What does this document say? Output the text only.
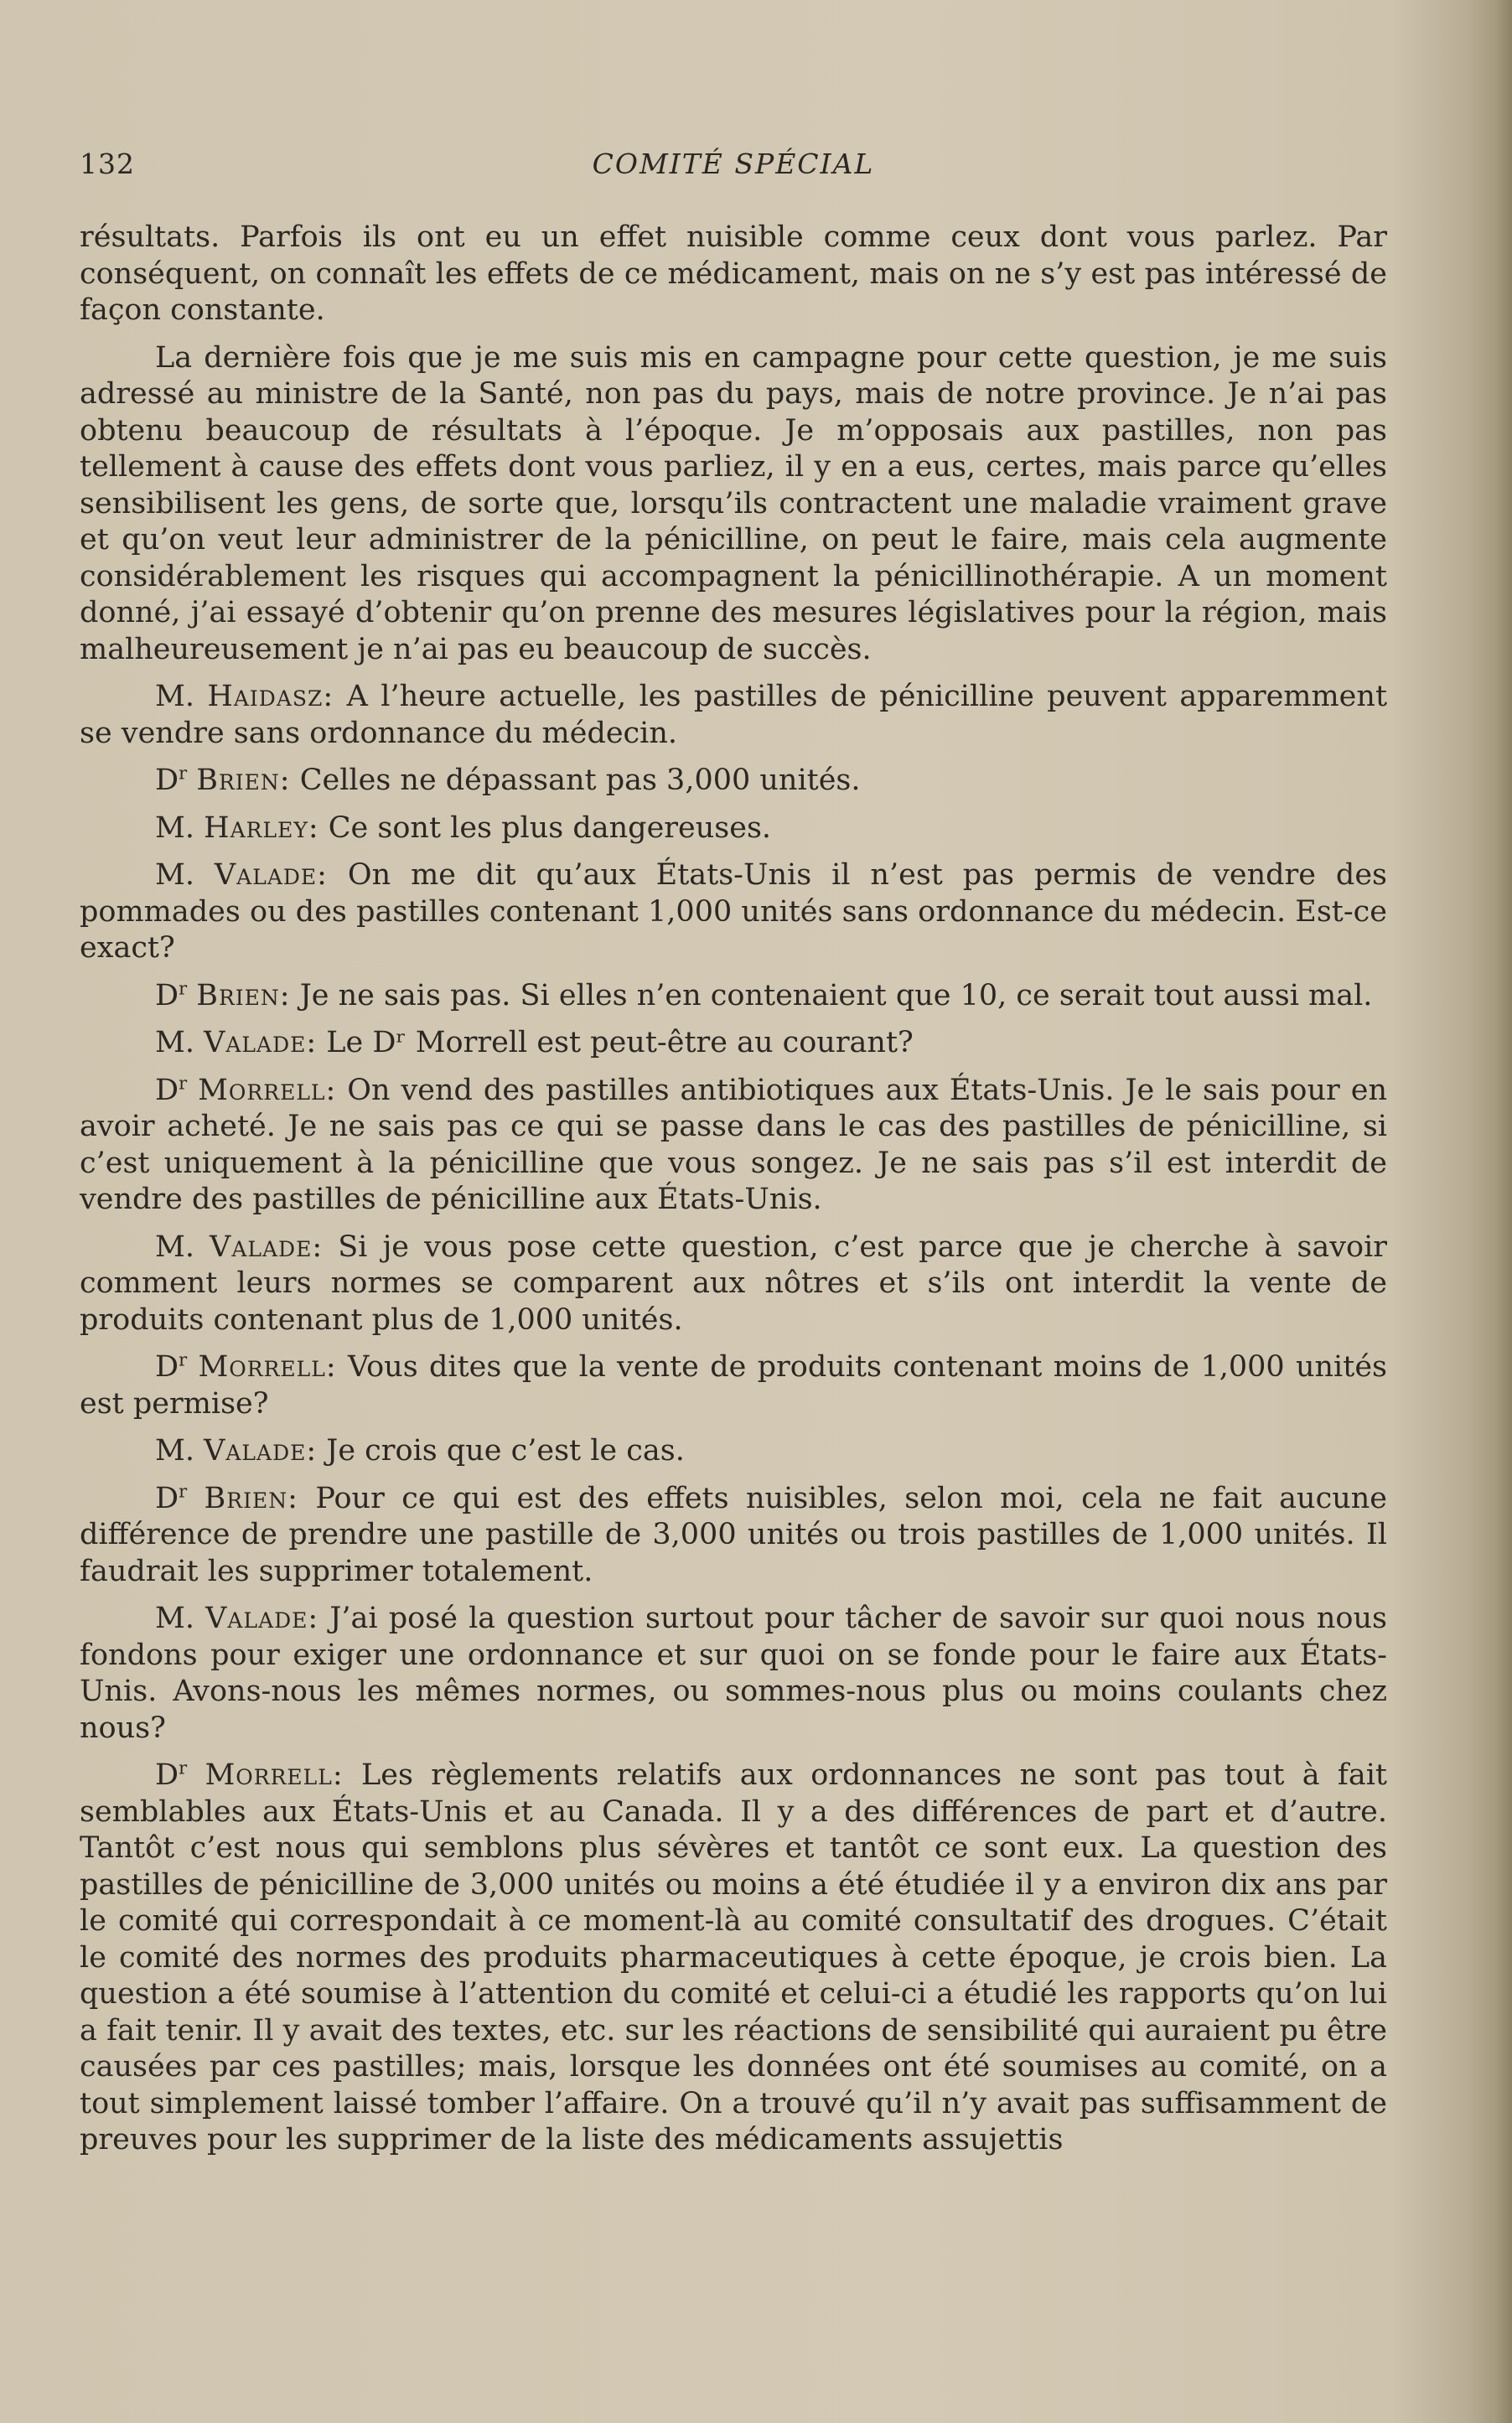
132	COMITÉ SPÉCIAL

résultats. Parfois ils ont eu un effet nuisible comme ceux dont vous parlez. Par conséquent, on connaît les effets de ce médicament, mais on ne s’y est pas intéressé de façon constante.

La dernière fois que je me suis mis en campagne pour cette question, je me suis adressé au ministre de la Santé, non pas du pays, mais de notre province. Je n’ai pas obtenu beaucoup de résultats à l’époque. Je m’opposais aux pastilles, non pas tellement à cause des effets dont vous parliez, il y en a eus, certes, mais parce qu’elles sensibilisent les gens, de sorte que, lorsqu’ils contractent une maladie vraiment grave et qu’on veut leur administrer de la pénicilline, on peut le faire, mais cela augmente considérablement les risques qui accompagnent la pénicillinothérapie. A un moment donné, j’ai essayé d’obtenir qu’on prenne des mesures législatives pour la région, mais malheureusement je n’ai pas eu beaucoup de succès.

M. Haidasz: A l’heure actuelle, les pastilles de pénicilline peuvent apparemment se vendre sans ordonnance du médecin.

$D^r$ Brien: Celles ne dépassant pas 3,000 unités.

M. Harley: Ce sont les plus dangereuses.

M. Valade: On me dit qu’aux États-Unis il n’est pas permis de vendre des pommades ou des pastilles contenant 1,000 unités sans ordonnance du médecin. Est-ce exact?

$D^r$ Brien: Je ne sais pas. Si elles n’en contenaient que 10, ce serait tout aussi mal.

M. Valade: Le Dʳ Morrell est peut-être au courant?

$D^r$ Morrell: On vend des pastilles antibiotiques aux États-Unis. Je le sais pour en avoir acheté. Je ne sais pas ce qui se passe dans le cas des pastilles de pénicilline, si c’est uniquement à la pénicilline que vous songez. Je ne sais pas s’il est interdit de vendre des pastilles de pénicilline aux États-Unis.

M. Valade: Si je vous pose cette question, c’est parce que je cherche à savoir comment leurs normes se comparent aux nôtres et s’ils ont interdit la vente de produits contenant plus de 1,000 unités.

$D^r$ Morrell: Vous dites que la vente de produits contenant moins de 1,000 unités est permise?

M. Valade: Je crois que c’est le cas.

$D^r$ Brien: Pour ce qui est des effets nuisibles, selon moi, cela ne fait aucune différence de prendre une pastille de 3,000 unités ou trois pastilles de 1,000 unités. Il faudrait les supprimer totalement.

M. Valade: J’ai posé la question surtout pour tâcher de savoir sur quoi nous nous fondons pour exiger une ordonnance et sur quoi on se fonde pour le faire aux États-Unis. Avons-nous les mêmes normes, ou sommes-nous plus ou moins coulants chez nous?

$D^r$ Morrell: Les règlements relatifs aux ordonnances ne sont pas tout à fait semblables aux États-Unis et au Canada. Il y a des différences de part et d’autre. Tantôt c’est nous qui semblons plus sévères et tantôt ce sont eux. La question des pastilles de pénicilline de 3,000 unités ou moins a été étudiée il y a environ dix ans par le comité qui correspondait à ce moment-là au comité consultatif des drogues. C’était le comité des normes des produits pharmaceutiques à cette époque, je crois bien. La question a été soumise à l’attention du comité et celui-ci a étudié les rapports qu’on lui a fait tenir. Il y avait des textes, etc. sur les réactions de sensibilité qui auraient pu être causées par ces pastilles; mais, lorsque les données ont été soumises au comité, on a tout simplement laissé tomber l’affaire. On a trouvé qu’il n’y avait pas suffisamment de preuves pour les supprimer de la liste des médicaments assujettis
